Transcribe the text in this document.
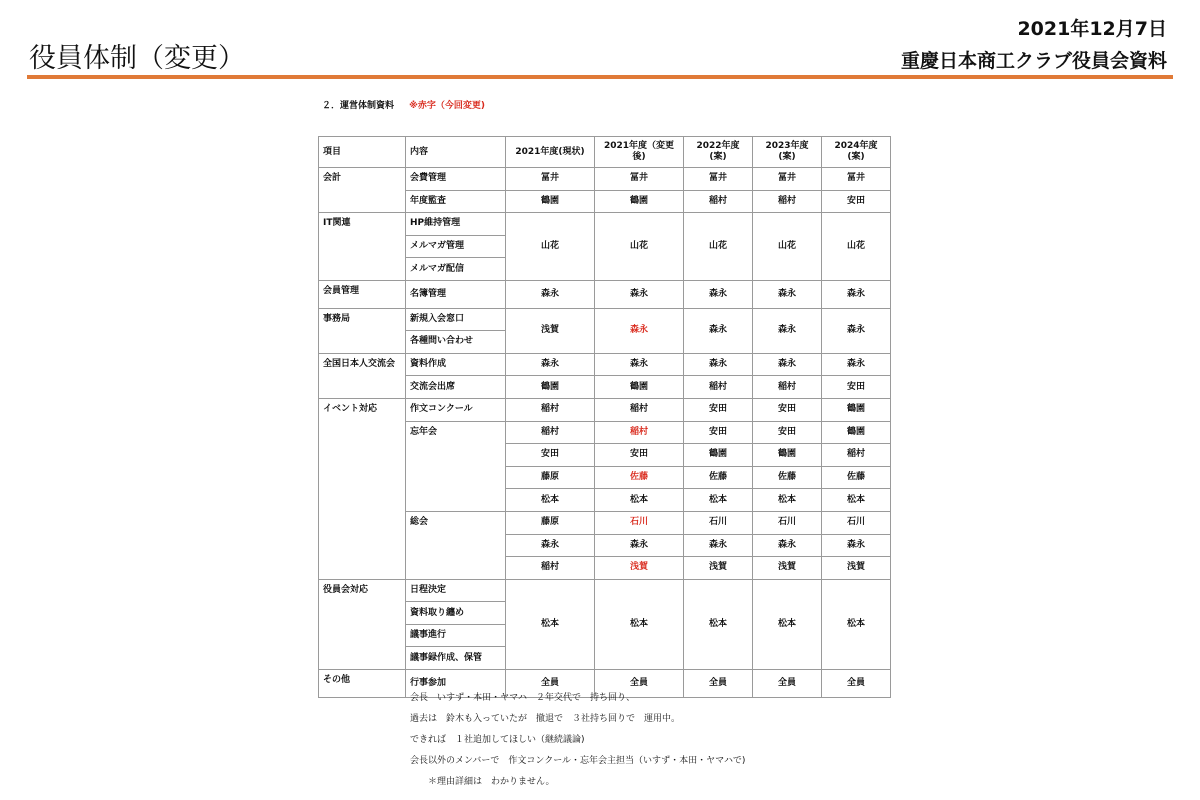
役員体制（変更）
2021年12月7日
重慶日本商工クラブ役員会資料
２．運営体制資料 ※赤字（今回変更)
項目	内容	2021年度(現状)	2021年度（変更後)	2022年度(案)	2023年度(案)	2024年度(案)
会計	会費管理	冨井	冨井	冨井	冨井	冨井
	年度監査	鶴園	鶴園	稲村	稲村	安田
IT関連	HP維持管理	山花	山花	山花	山花	山花
	メルマガ管理					
	メルマガ配信					
会員管理	名簿管理	森永	森永	森永	森永	森永
事務局	新規入会窓口	浅賀	森永	森永	森永	森永
	各種問い合わせ					
全国日本人交流会	資料作成	森永	森永	森永	森永	森永
	交流会出席	鶴園	鶴園	稲村	稲村	安田
イベント対応	作文コンクール	稲村	稲村	安田	安田	鶴園
	忘年会	稲村	稲村	安田	安田	鶴園
		安田	安田	鶴園	鶴園	稲村
		藤原	佐藤	佐藤	佐藤	佐藤
		松本	松本	松本	松本	松本
	総会	藤原	石川	石川	石川	石川
		森永	森永	森永	森永	森永
		稲村	浅賀	浅賀	浅賀	浅賀
役員会対応	日程決定	松本	松本	松本	松本	松本
	資料取り纏め					
	議事進行					
	議事録作成、保管					
その他	行事参加	全員	全員	全員	全員	全員
会長　いすず・本田・ヤマハ　２年交代で　持ち回り、
過去は　鈴木も入っていたが　撤退で　３社持ち回りで　運用中。
できれば　１社追加してほしい（継続議論)
会長以外のメンバーで　作文コンクール・忘年会主担当（いすず・本田・ヤマハで)
＊理由詳細は　わかりません。
